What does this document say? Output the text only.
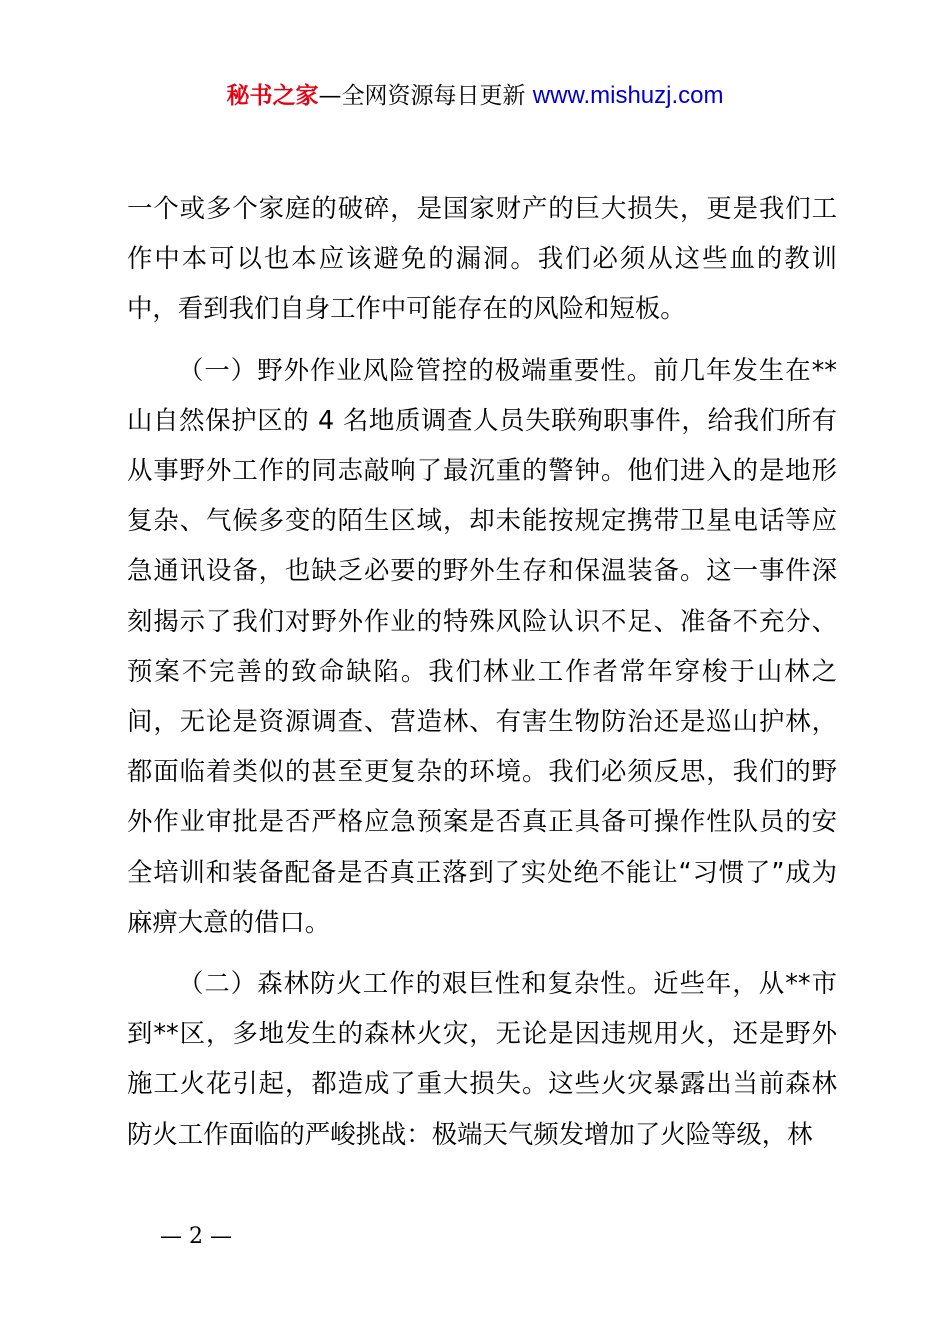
秘书之家—全网资源每日更新 www.mishuzj.com

一个或多个家庭的破碎，是国家财产的巨大损失，更是我们工作中本可以也本应该避免的漏洞。我们必须从这些血的教训中，看到我们自身工作中可能存在的风险和短板。

（一）野外作业风险管控的极端重要性。前几年发生在**山自然保护区的 4 名地质调查人员失联殉职事件，给我们所有从事野外工作的同志敲响了最沉重的警钟。他们进入的是地形复杂、气候多变的陌生区域，却未能按规定携带卫星电话等应急通讯设备，也缺乏必要的野外生存和保温装备。这一事件深刻揭示了我们对野外作业的特殊风险认识不足、准备不充分、预案不完善的致命缺陷。我们林业工作者常年穿梭于山林之间，无论是资源调查、营造林、有害生物防治还是巡山护林，都面临着类似的甚至更复杂的环境。我们必须反思，我们的野外作业审批是否严格应急预案是否真正具备可操作性队员的安全培训和装备配备是否真正落到了实处绝不能让“习惯了”成为麻痹大意的借口。

（二）森林防火工作的艰巨性和复杂性。近些年，从**市到**区，多地发生的森林火灾，无论是因违规用火，还是野外施工火花引起，都造成了重大损失。这些火灾暴露出当前森林防火工作面临的严峻挑战：极端天气频发增加了火险等级，林

— 2 —
